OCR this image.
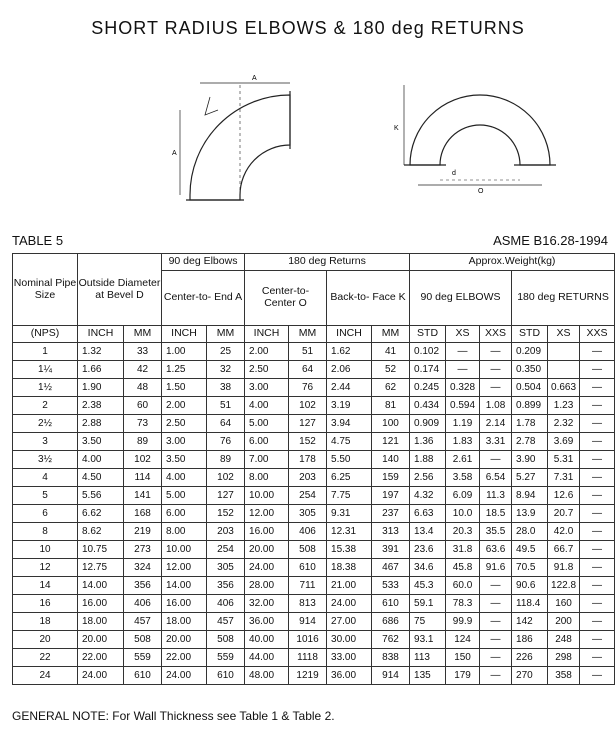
SHORT RADIUS ELBOWS & 180 deg RETURNS
A
A
K
O
d
TABLE 5	ASME B16.28-1994
Nominal Pipe Size	Outside Diameter at Bevel D		90 deg Elbows		180 deg Returns				Approx.Weight(kg)					
			Center-to- End A		Center-to- Center O		Back-to- Face K		90 deg ELBOWS			180 deg RETURNS		
(NPS)	INCH	MM	INCH	MM	INCH	MM	INCH	MM	STD	XS	XXS	STD	XS	XXS
1	1.32	33	1.00	25	2.00	51	1.62	41	0.102	—	—	0.209		—
1¼	1.66	42	1.25	32	2.50	64	2.06	52	0.174	—	—	0.350		—
1½	1.90	48	1.50	38	3.00	76	2.44	62	0.245	0.328	—	0.504	0.663	—
2	2.38	60	2.00	51	4.00	102	3.19	81	0.434	0.594	1.08	0.899	1.23	—
2½	2.88	73	2.50	64	5.00	127	3.94	100	0.909	1.19	2.14	1.78	2.32	—
3	3.50	89	3.00	76	6.00	152	4.75	121	1.36	1.83	3.31	2.78	3.69	—
3½	4.00	102	3.50	89	7.00	178	5.50	140	1.88	2.61	—	3.90	5.31	—
4	4.50	114	4.00	102	8.00	203	6.25	159	2.56	3.58	6.54	5.27	7.31	—
5	5.56	141	5.00	127	10.00	254	7.75	197	4.32	6.09	11.3	8.94	12.6	—
6	6.62	168	6.00	152	12.00	305	9.31	237	6.63	10.0	18.5	13.9	20.7	—
8	8.62	219	8.00	203	16.00	406	12.31	313	13.4	20.3	35.5	28.0	42.0	—
10	10.75	273	10.00	254	20.00	508	15.38	391	23.6	31.8	63.6	49.5	66.7	—
12	12.75	324	12.00	305	24.00	610	18.38	467	34.6	45.8	91.6	70.5	91.8	—
14	14.00	356	14.00	356	28.00	711	21.00	533	45.3	60.0	—	90.6	122.8	—
16	16.00	406	16.00	406	32.00	813	24.00	610	59.1	78.3	—	118.4	160	—
18	18.00	457	18.00	457	36.00	914	27.00	686	75	99.9	—	142	200	—
20	20.00	508	20.00	508	40.00	1016	30.00	762	93.1	124	—	186	248	—
22	22.00	559	22.00	559	44.00	1118	33.00	838	113	150	—	226	298	—
24	24.00	610	24.00	610	48.00	1219	36.00	914	135	179	—	270	358	—
GENERAL NOTE: For Wall Thickness see Table 1 & Table 2.
